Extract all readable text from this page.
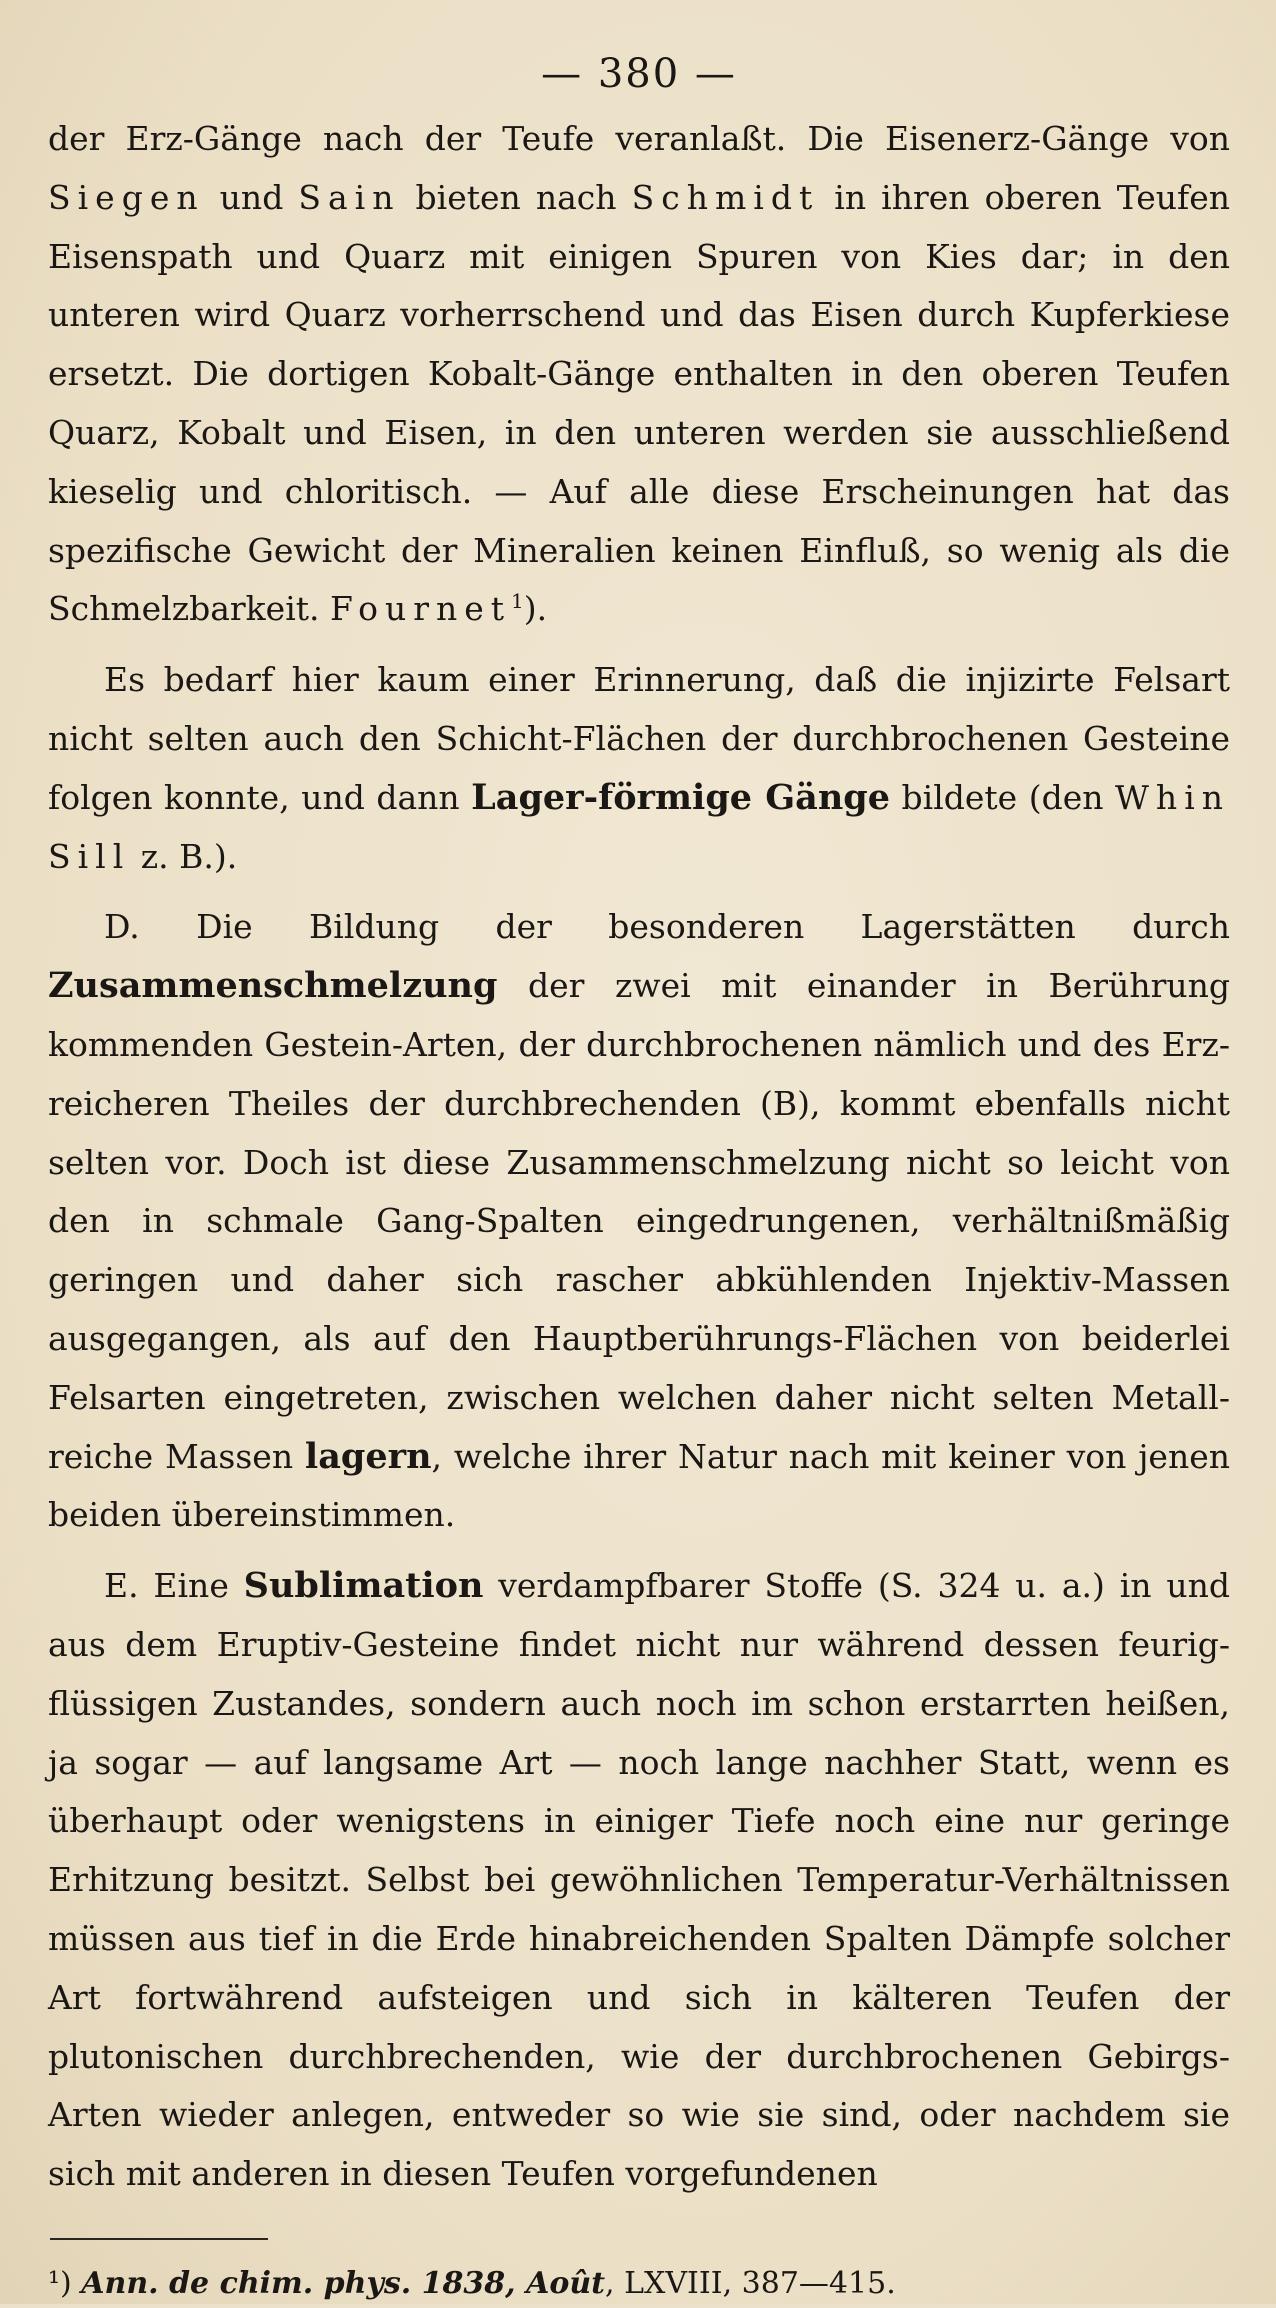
— 380 —

der Erz-Gänge nach der Teufe veranlaßt. Die Eisenerz-Gänge von Siegen und Sain bieten nach Schmidt in ihren oberen Teufen Eisenspath und Quarz mit einigen Spuren von Kies dar; in den unteren wird Quarz vorherrschend und das Eisen durch Kupferkiese ersetzt. Die dortigen Kobalt-Gänge enthalten in den oberen Teufen Quarz, Kobalt und Eisen, in den unteren werden sie ausschließend kieselig und chloritisch. — Auf alle diese Erscheinungen hat das spezifische Gewicht der Mineralien keinen Einfluß, so wenig als die Schmelzbarkeit. Fournet$^1$).

Es bedarf hier kaum einer Erinnerung, daß die injizirte Felsart nicht selten auch den Schicht-Flächen der durchbrochenen Gesteine folgen konnte, und dann Lager-förmige Gänge bildete (den Whin Sill z. B.).

D. Die Bildung der besonderen Lagerstätten durch Zusammenschmelzung der zwei mit einander in Berührung kommenden Gestein-Arten, der durchbrochenen nämlich und des Erz-reicheren Theiles der durchbrechenden (B), kommt ebenfalls nicht selten vor. Doch ist diese Zusammenschmelzung nicht so leicht von den in schmale Gang-Spalten eingedrungenen, verhältnißmäßig geringen und daher sich rascher abkühlenden Injektiv-Massen ausgegangen, als auf den Hauptberührungs-Flächen von beiderlei Felsarten eingetreten, zwischen welchen daher nicht selten Metall-reiche Massen lagern, welche ihrer Natur nach mit keiner von jenen beiden übereinstimmen.

E. Eine Sublimation verdampfbarer Stoffe (S. 324 u. a.) in und aus dem Eruptiv-Gesteine findet nicht nur während dessen feurig-flüssigen Zustandes, sondern auch noch im schon erstarrten heißen, ja sogar — auf langsame Art — noch lange nachher Statt, wenn es überhaupt oder wenigstens in einiger Tiefe noch eine nur geringe Erhitzung besitzt. Selbst bei gewöhnlichen Temperatur-Verhältnissen müssen aus tief in die Erde hinabreichenden Spalten Dämpfe solcher Art fortwährend aufsteigen und sich in kälteren Teufen der plutonischen durchbrechenden, wie der durchbrochenen Gebirgs-Arten wieder anlegen, entweder so wie sie sind, oder nachdem sie sich mit anderen in diesen Teufen vorgefundenen

¹) Ann. de chim. phys. 1838, Août, LXVIII, 387—415.
